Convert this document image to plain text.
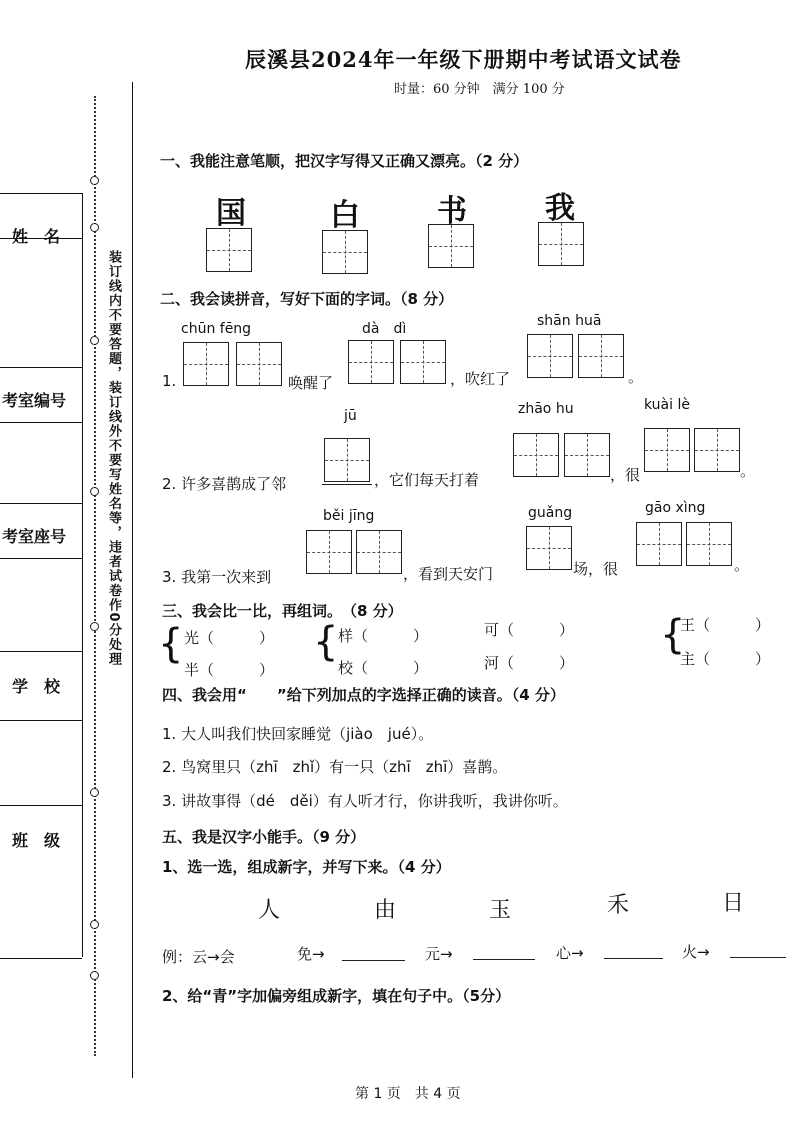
辰溪县2024年一年级下册期中考试语文试卷
时量：60 分钟　满分 100 分
姓　名
考室编号
考室座号
学　校
班　级
装订线内不要答题，装订线外不要写姓名等，违者试卷作0分处理
一、我能注意笔顺，把汉字写得又正确又漂亮。（2 分）
国	白	书	我
二、我会读拼音，写好下面的字词。（8 分）
chūn fēng	dà　dì	shān huā
1.	唤醒了	，吹红了	。
jū	zhāo hu	kuài lè
2. 许多喜鹊成了邻	，它们每天打着	，很	。
běi jīng	guǎng	gāo xìng
3. 我第一次来到	，看到天安门	场，很	。
三、我会比一比，再组词。　（8 分）
{ 光（　　　）
半（　　　）
{ 样（　　　）
校（　　　）
可（　　　）
河（　　　）
{
王（　　　）
主（　　　）
四、我会用“　　”给下列加点的字选择正确的读音。（4 分）
1. 大人叫我们快回家睡觉（jiào　jué）。
2. 鸟窝里只（zhī　zhǐ）有一只（zhī　zhī）喜鹊。
3. 讲故事得（dé　děi）有人听才行，你讲我听，我讲你听。
五、我是汉字小能手。（9 分）
1、选一选，组成新字，并写下来。（4 分）
人	由	玉	禾	日
例：云→会	免→	元→	心→	火→
2、给“青”字加偏旁组成新字，填在句子中。（5分）
第 1 页　共 4 页
